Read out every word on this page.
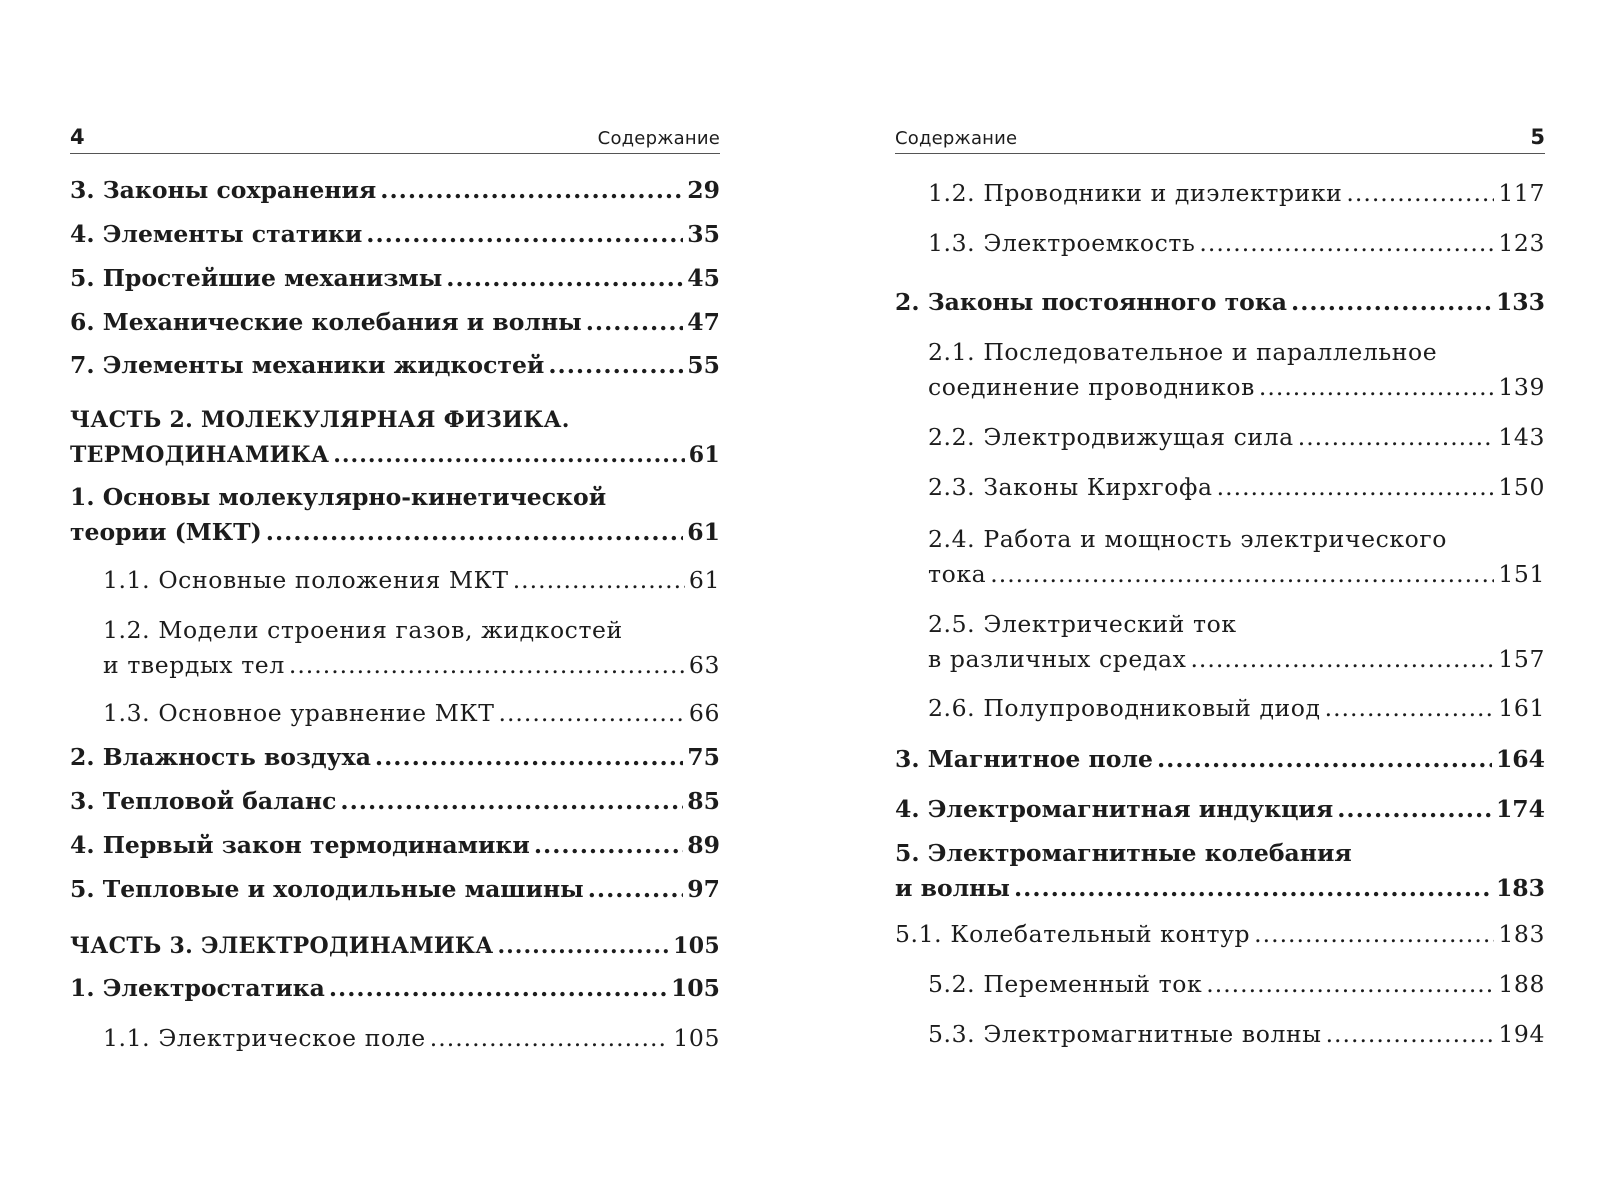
4	Содержание
3. Законы сохранения .....	29
4. Элементы статики .....	35
5. Простейшие механизмы .....	45
6. Механические колебания и волны .....	47
7. Элементы механики жидкостей .....	55
ЧАСТЬ 2. МОЛЕКУЛЯРНАЯ ФИЗИКА.
ТЕРМОДИНАМИКА .....	61
1. Основы молекулярно-кинетической
теории (МКТ) .....	61
1.1. Основные положения МКТ .....	61
1.2. Модели строения газов, жидкостей
и твердых тел .....	63
1.3. Основное уравнение МКТ .....	66
2. Влажность воздуха .....	75
3. Тепловой баланс .....	85
4. Первый закон термодинамики .....	89
5. Тепловые и холодильные машины .....	97
ЧАСТЬ 3. ЭЛЕКТРОДИНАМИКА .....	105
1. Электростатика .....	105
1.1. Электрическое поле .....	105
Содержание	5
1.2. Проводники и диэлектрики .....	117
1.3. Электроемкость .....	123
2. Законы постоянного тока .....	133
2.1. Последовательное и параллельное
соединение проводников .....	139
2.2. Электродвижущая сила .....	143
2.3. Законы Кирхгофа .....	150
2.4. Работа и мощность электрического
тока .....	151
2.5. Электрический ток
в различных средах .....	157
2.6. Полупроводниковый диод .....	161
3. Магнитное поле .....	164
4. Электромагнитная индукция .....	174
5. Электромагнитные колебания
и волны .....	183
5.1. Колебательный контур .....	183
5.2. Переменный ток .....	188
5.3. Электромагнитные волны .....	194
